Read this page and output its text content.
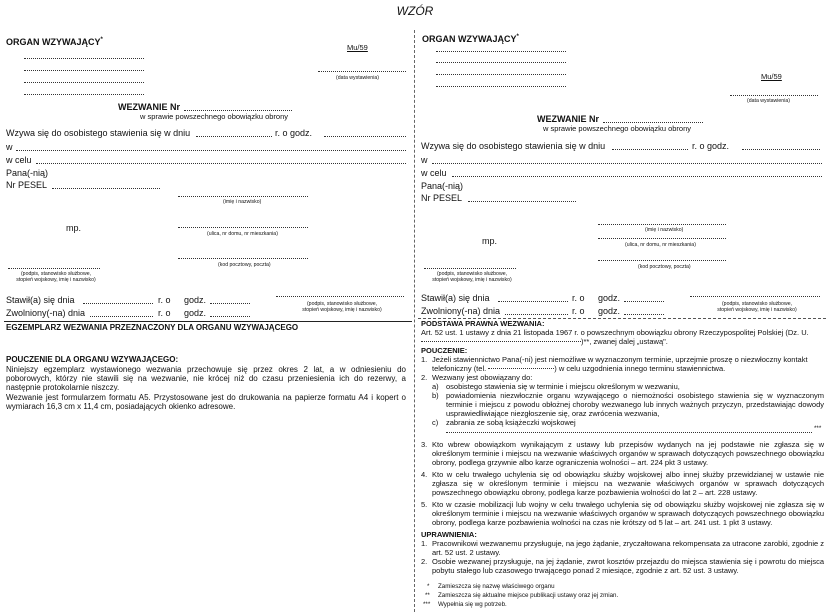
WZÓR
ORGAN WZYWAJĄCY*
Mu/59
(data wystawienia)
WEZWANIE Nr
w sprawie powszechnego obowiązku obrony
Wzywa się do osobistego stawienia się w dniu	r. o godz.
w
w celu
Pana(-nią)
Nr PESEL
(imię i nazwisko)
mp.
(ulica, nr domu, nr mieszkania)
(kod pocztowy, poczta)
(podpis, stanowisko służbowe,
stopień wojskowy, imię i nazwisko)
Stawił(a) się dnia	r. o godz.
Zwolniony(-na) dnia	r. o godz.
(podpis, stanowisko służbowe,
stopień wojskowy, imię i nazwisko)
EGZEMPLARZ WEZWANIA PRZEZNACZONY DLA ORGANU WZYWAJĄCEGO
POUCZENIE DLA ORGANU WZYWAJĄCEGO:
Niniejszy egzemplarz wystawionego wezwania przechowuje się przez okres 2 lat, a w odniesieniu do poborowych, którzy nie stawili się na wezwanie, nie krócej niż do czasu przeniesienia ich do rezerwy, a następnie protokolarnie niszczy.
Wezwanie jest formularzem formatu A5. Przystosowane jest do drukowania na papierze formatu A4 i kopert o wymiarach 16,3 cm x 11,4 cm, posiadających okienko adresowe.
ORGAN WZYWAJĄCY*
Mu/59
(data wystawienia)
WEZWANIE Nr
w sprawie powszechnego obowiązku obrony
Wzywa się do osobistego stawienia się w dniu	r. o godz.
w
w celu
Pana(-nią)
Nr PESEL
(imię i nazwisko)
mp.	(ulica, nr domu, nr mieszkania)
(kod pocztowy, poczta)
(podpis, stanowisko służbowe,
stopień wojskowy, imię i nazwisko)
Stawił(a) się dnia	r. o godz.
Zwolniony(-na) dnia	r. o godz.
(podpis, stanowisko służbowe,
stopień wojskowy, imię i nazwisko)
PODSTAWA PRAWNA WEZWANIA:
Art. 52 ust. 1 ustawy z dnia 21 listopada 1967 r. o powszechnym obowiązku obrony Rzeczypospolitej Polskiej (Dz. U. )**, zwanej dalej „ustawą".
POUCZENIE:
1. Jeżeli stawiennictwo Pana(-ni) jest niemożliwe w wyznaczonym terminie, uprzejmie proszę o niezwłoczny kontakt telefoniczny (tel.	) w celu uzgodnienia innego terminu stawiennictwa.
2. Wezwany jest obowiązany do:
a) osobistego stawienia się w terminie i miejscu określonym w wezwaniu,
b) powiadomienia niezwłocznie organu wzywającego o niemożności osobistego stawienia się w wyznaczonym terminie i miejscu z powodu obłożnej choroby wezwanego lub innych ważnych przyczyn, przedstawiając dowody usprawiedliwiające niezgłoszenie się, oraz zwrócenia wezwania,
c) zabrania ze sobą książeczki wojskowej
***
3. Kto wbrew obowiązkom wynikającym z ustawy lub przepisów wydanych na jej podstawie nie zgłasza się w określonym terminie i miejscu na wezwanie właściwych organów w sprawach dotyczących powszechnego obowiązku obrony, podlega grzywnie albo karze ograniczenia wolności – art. 224 pkt 3 ustawy.
4. Kto w celu trwałego uchylenia się od obowiązku służby wojskowej albo innej służby przewidzianej w ustawie nie zgłasza się w określonym terminie i miejscu na wezwanie właściwych organów w sprawach dotyczących powszechnego obowiązku obrony, podlega karze pozbawienia wolności do lat 2 – art. 228 ustawy.
5. Kto w czasie mobilizacji lub wojny w celu trwałego uchylenia się od obowiązku służby wojskowej nie zgłasza się w określonym terminie i miejscu na wezwanie właściwych organów w sprawach dotyczących powszechnego obowiązku obrony, podlega karze pozbawienia wolności na czas nie krótszy od 5 lat – art. 241 ust. 1 pkt 3 ustawy.
UPRAWNIENIA:
1. Pracownikowi wezwanemu przysługuje, na jego żądanie, zryczałtowana rekompensata za utracone zarobki, zgodnie z art. 52 ust. 2 ustawy.
2. Osobie wezwanej przysługuje, na jej żądanie, zwrot kosztów przejazdu do miejsca stawienia się i powrotu do miejsca pobytu stałego lub czasowego trwającego ponad 2 miesiące, zgodnie z art. 52 ust. 3 ustawy.
* Zamieszcza się nazwę właściwego organu
** Zamieszcza się aktualne miejsce publikacji ustawy oraz jej zmian.
*** Wypełnia się wg potrzeb.
